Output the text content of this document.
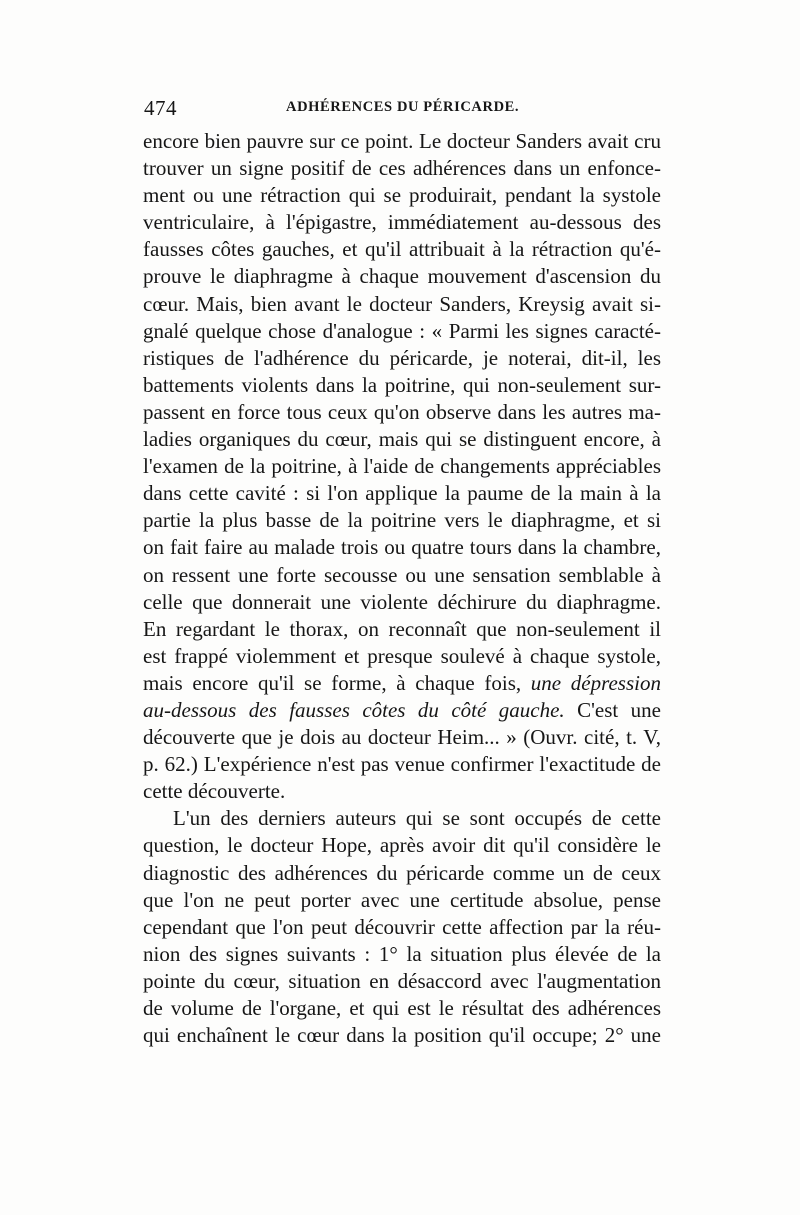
474	ADHÉRENCES DU PÉRICARDE.
encore bien pauvre sur ce point. Le docteur Sanders avait cru
trouver un signe positif de ces adhérences dans un enfonce-
ment ou une rétraction qui se produirait, pendant la systole
ventriculaire, à l'épigastre, immédiatement au-dessous des
fausses côtes gauches, et qu'il attribuait à la rétraction qu'é-
prouve le diaphragme à chaque mouvement d'ascension du
cœur. Mais, bien avant le docteur Sanders, Kreysig avait si-
gnalé quelque chose d'analogue : « Parmi les signes caracté-
ristiques de l'adhérence du péricarde, je noterai, dit-il, les
battements violents dans la poitrine, qui non-seulement sur-
passent en force tous ceux qu'on observe dans les autres ma-
ladies organiques du cœur, mais qui se distinguent encore, à
l'examen de la poitrine, à l'aide de changements appréciables
dans cette cavité : si l'on applique la paume de la main à la
partie la plus basse de la poitrine vers le diaphragme, et si
on fait faire au malade trois ou quatre tours dans la chambre,
on ressent une forte secousse ou une sensation semblable à
celle que donnerait une violente déchirure du diaphragme.
En regardant le thorax, on reconnaît que non-seulement il
est frappé violemment et presque soulevé à chaque systole,
mais encore qu'il se forme, à chaque fois, une dépression
au-dessous des fausses côtes du côté gauche. C'est une
découverte que je dois au docteur Heim... » (Ouvr. cité, t. V,
p. 62.) L'expérience n'est pas venue confirmer l'exactitude de
cette découverte.
L'un des derniers auteurs qui se sont occupés de cette
question, le docteur Hope, après avoir dit qu'il considère le
diagnostic des adhérences du péricarde comme un de ceux
que l'on ne peut porter avec une certitude absolue, pense
cependant que l'on peut découvrir cette affection par la réu-
nion des signes suivants : 1° la situation plus élevée de la
pointe du cœur, situation en désaccord avec l'augmentation
de volume de l'organe, et qui est le résultat des adhérences
qui enchaînent le cœur dans la position qu'il occupe; 2° une
